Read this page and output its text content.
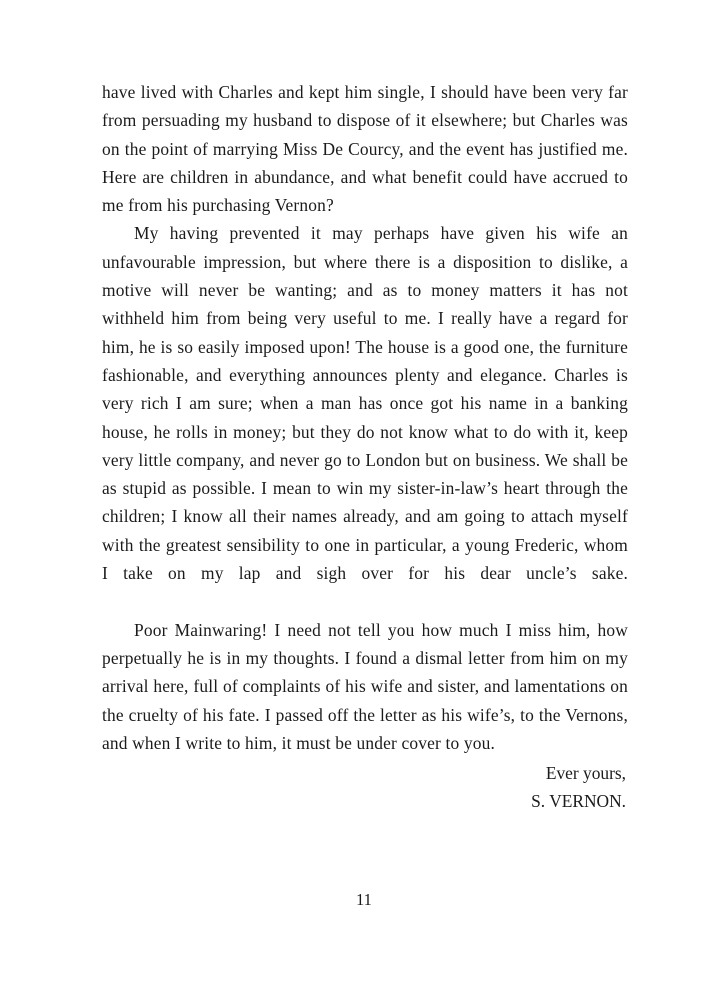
have lived with Charles and kept him single, I should have been very far from persuading my husband to dispose of it elsewhere; but Charles was on the point of marrying Miss De Courcy, and the event has justified me. Here are children in abundance, and what benefit could have accrued to me from his purchasing Vernon?

My having prevented it may perhaps have given his wife an unfavourable impression, but where there is a disposition to dislike, a motive will never be wanting; and as to money matters it has not withheld him from being very useful to me. I really have a regard for him, he is so easily imposed upon! The house is a good one, the furniture fashionable, and everything announces plenty and elegance. Charles is very rich I am sure; when a man has once got his name in a banking house, he rolls in money; but they do not know what to do with it, keep very little company, and never go to London but on business. We shall be as stupid as possible. I mean to win my sister-in-law’s heart through the children; I know all their names already, and am going to attach myself with the greatest sensibility to one in particular, a young Frederic, whom I take on my lap and sigh over for his dear uncle’s sake.

Poor Mainwaring! I need not tell you how much I miss him, how perpetually he is in my thoughts. I found a dismal letter from him on my arrival here, full of complaints of his wife and sister, and lamentations on the cruelty of his fate. I passed off the letter as his wife’s, to the Vernons, and when I write to him, it must be under cover to you.

Ever yours,
S. VERNON.
11
